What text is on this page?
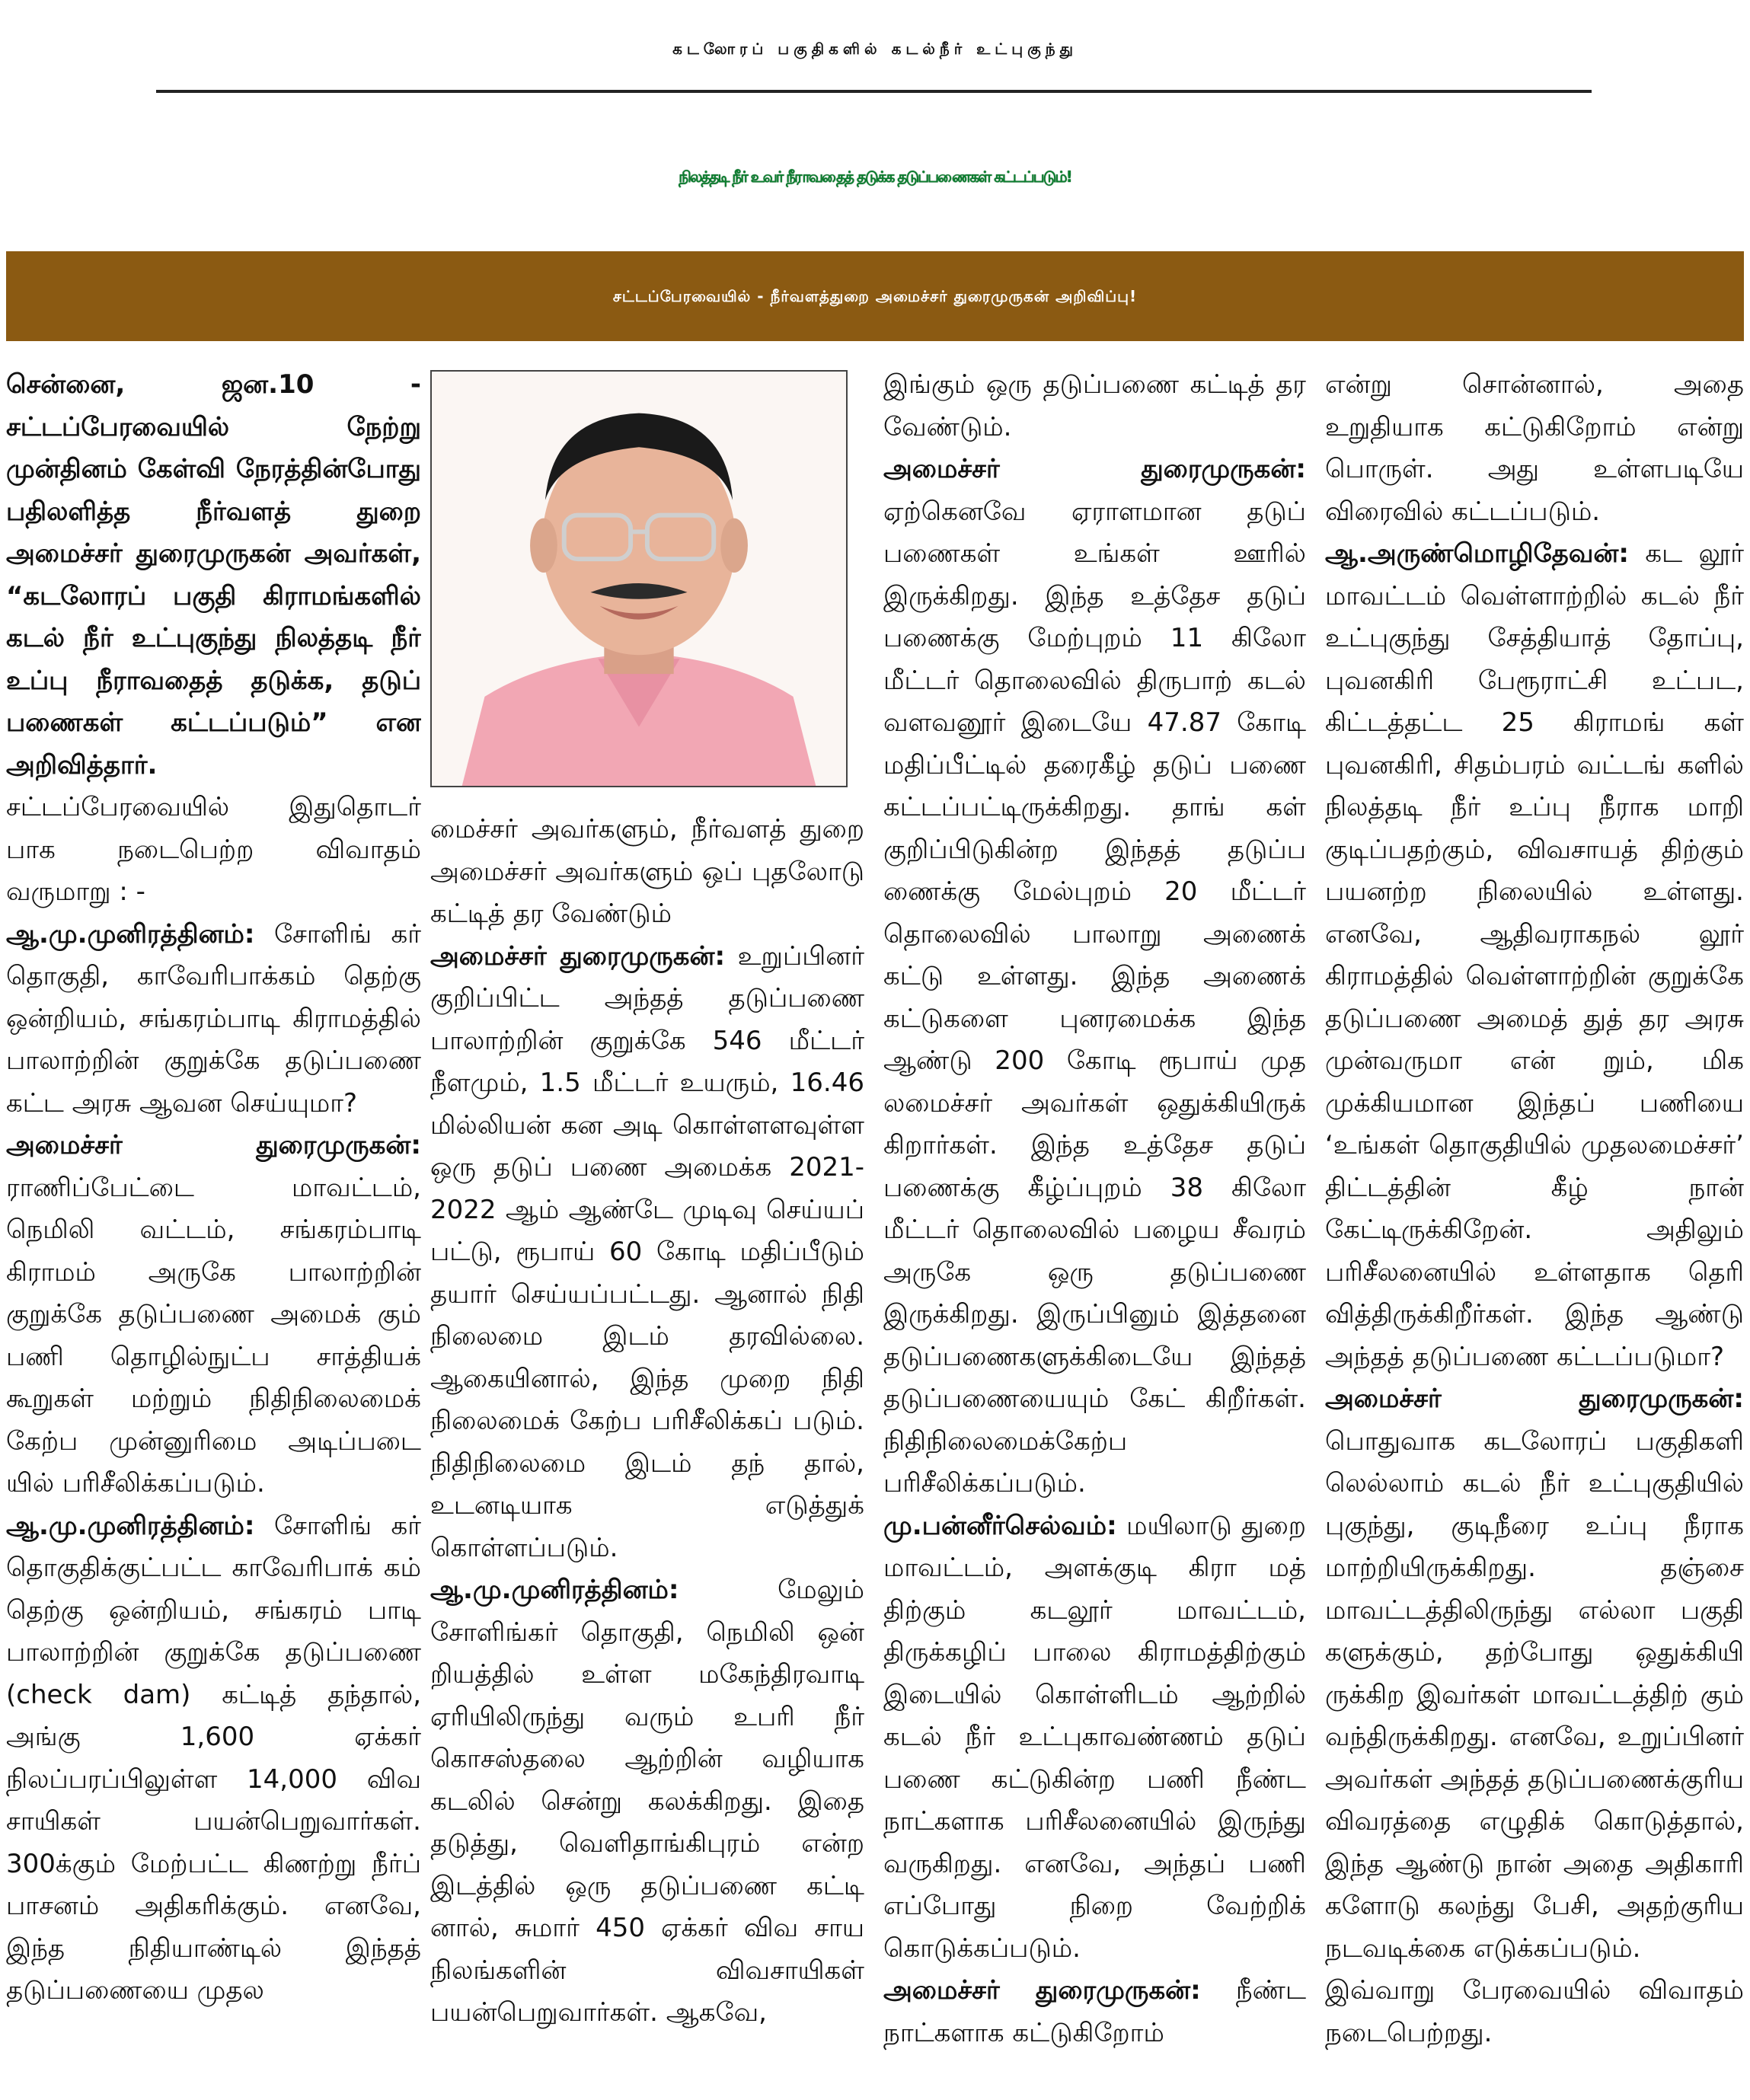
கடலோரப் பகுதிகளில் கடல்நீர் உட்புகுந்து
நிலத்தடி நீர் உவர் நீராவதைத் தடுக்க தடுப்பணைகள் கட்டப்படும்!
சட்டப்பேரவையில் - நீர்வளத்துறை அமைச்சர் துரைமுருகன் அறிவிப்பு!

சென்னை, ஜன.10 - சட்டப்பேரவையில் நேற்று முன்தினம் கேள்வி நேரத்தின்போது பதிலளித்த நீர்வளத் துறை அமைச்சர் துரைமுருகன் அவர்கள், “கடலோரப் பகுதி கிராமங்களில் கடல் நீர் உட்புகுந்து நிலத்தடி நீர் உப்பு நீராவதைத் தடுக்க, தடுப் பணைகள் கட்டப்படும்” என அறிவித்தார்.

சட்டப்பேரவையில் இதுதொடர் பாக நடைபெற்ற விவாதம் வருமாறு : -

ஆ.மு.முனிரத்தினம்: சோளிங் கர் தொகுதி, காவேரிபாக்கம் தெற்கு ஒன்றியம், சங்கரம்பாடி கிராமத்தில் பாலாற்றின் குறுக்கே தடுப்பணை கட்ட அரசு ஆவன செய்யுமா?

அமைச்சர் துரைமுருகன்: ராணிப்பேட்டை மாவட்டம், நெமிலி வட்டம், சங்கரம்பாடி கிராமம் அருகே பாலாற்றின் குறுக்கே தடுப்பணை அமைக் கும் பணி தொழில்நுட்ப சாத்தியக் கூறுகள் மற்றும் நிதிநிலைமைக் கேற்ப முன்னுரிமை அடிப்படை யில் பரிசீலிக்கப்படும்.

ஆ.மு.முனிரத்தினம்: சோளிங் கர் தொகுதிக்குட்பட்ட காவேரிபாக் கம் தெற்கு ஒன்றியம், சங்கரம் பாடி பாலாற்றின் குறுக்கே தடுப்பணை (check dam) கட்டித் தந்தால், அங்கு 1,600 ஏக்கர் நிலப்பரப்பிலுள்ள 14,000 விவ சாயிகள் பயன்பெறுவார்கள். 300க்கும் மேற்பட்ட கிணற்று நீர்ப் பாசனம் அதிகரிக்கும். எனவே, இந்த நிதியாண்டில் இந்தத் தடுப்பணையை முதல

மைச்சர் அவர்களும், நீர்வளத் துறை அமைச்சர் அவர்களும் ஒப் புதலோடு கட்டித் தர வேண்டும்

அமைச்சர் துரைமுருகன்: உறுப்பினர் குறிப்பிட்ட அந்தத் தடுப்பணை பாலாற்றின் குறுக்கே 546 மீட்டர் நீளமும், 1.5 மீட்டர் உயரும், 16.46 மில்லியன் கன அடி கொள்ளளவுள்ள ஒரு தடுப் பணை அமைக்க 2021-2022 ஆம் ஆண்டே முடிவு செய்யப் பட்டு, ரூபாய் 60 கோடி மதிப்பீடும் தயார் செய்யப்பட்டது. ஆனால் நிதி நிலைமை இடம் தரவில்லை. ஆகையினால், இந்த முறை நிதி நிலைமைக் கேற்ப பரிசீலிக்கப் படும். நிதிநிலைமை இடம் தந் தால், உடனடியாக எடுத்துக் கொள்ளப்படும்.

ஆ.மு.முனிரத்தினம்: மேலும் சோளிங்கர் தொகுதி, நெமிலி ஒன் றியத்தில் உள்ள மகேந்திரவாடி ஏரியிலிருந்து வரும் உபரி நீர் கொசஸ்தலை ஆற்றின் வழியாக கடலில் சென்று கலக்கிறது. இதை தடுத்து, வெளிதாங்கிபுரம் என்ற இடத்தில் ஒரு தடுப்பணை கட்டி னால், சுமார் 450 ஏக்கர் விவ சாய நிலங்களின் விவசாயிகள் பயன்பெறுவார்கள். ஆகவே,

இங்கும் ஒரு தடுப்பணை கட்டித் தர வேண்டும்.

அமைச்சர் துரைமுருகன்: ஏற்கெனவே ஏராளமான தடுப் பணைகள் உங்கள் ஊரில் இருக்கிறது. இந்த உத்தேச தடுப் பணைக்கு மேற்புறம் 11 கிலோ மீட்டர் தொலைவில் திருபாற் கடல் வளவனூர் இடையே 47.87 கோடி மதிப்பீட்டில் தரைகீழ் தடுப் பணை கட்டப்பட்டிருக்கிறது. தாங் கள் குறிப்பிடுகின்ற இந்தத் தடுப்ப ணைக்கு மேல்புறம் 20 மீட்டர் தொலைவில் பாலாறு அணைக் கட்டு உள்ளது. இந்த அணைக் கட்டுகளை புனரமைக்க இந்த ஆண்டு 200 கோடி ரூபாய் முத லமைச்சர் அவர்கள் ஒதுக்கியிருக் கிறார்கள். இந்த உத்தேச தடுப் பணைக்கு கீழ்ப்புறம் 38 கிலோ மீட்டர் தொலைவில் பழைய சீவரம் அருகே ஒரு தடுப்பணை இருக்கிறது. இருப்பினும் இத்தனை தடுப்பணைகளுக்கிடையே இந்தத் தடுப்பணையையும் கேட் கிறீர்கள். நிதிநிலைமைக்கேற்ப பரிசீலிக்கப்படும்.

மு.பன்னீர்செல்வம்: மயிலாடு துறை மாவட்டம், அளக்குடி கிரா மத் திற்கும் கடலூர் மாவட்டம், திருக்கழிப் பாலை கிராமத்திற்கும் இடையில் கொள்ளிடம் ஆற்றில் கடல் நீர் உட்புகாவண்ணம் தடுப் பணை கட்டுகின்ற பணி நீண்ட நாட்களாக பரிசீலனையில் இருந்து வருகிறது. எனவே, அந்தப் பணி எப்போது நிறை வேற்றிக் கொடுக்கப்படும்.

அமைச்சர் துரைமுருகன்: நீண்ட நாட்களாக கட்டுகிறோம்

என்று சொன்னால், அதை உறுதியாக கட்டுகிறோம் என்று பொருள். அது உள்ளபடியே விரைவில் கட்டப்படும்.

ஆ.அருண்மொழிதேவன்: கட லூர் மாவட்டம் வெள்ளாற்றில் கடல் நீர் உட்புகுந்து சேத்தியாத் தோப்பு, புவனகிரி பேரூராட்சி உட்பட, கிட்டத்தட்ட 25 கிராமங் கள் புவனகிரி, சிதம்பரம் வட்டங் களில் நிலத்தடி நீர் உப்பு நீராக மாறி குடிப்பதற்கும், விவசாயத் திற்கும் பயனற்ற நிலையில் உள்ளது. எனவே, ஆதிவராகநல் லூர் கிராமத்தில் வெள்ளாற்றின் குறுக்கே தடுப்பணை அமைத் துத் தர அரசு முன்வருமா என் றும், மிக முக்கியமான இந்தப் பணியை ‘உங்கள் தொகுதியில் முதலமைச்சர்’ திட்டத்தின் கீழ் நான் கேட்டிருக்கிறேன். அதிலும் பரிசீலனையில் உள்ளதாக தெரி வித்திருக்கிறீர்கள். இந்த ஆண்டு அந்தத் தடுப்பணை கட்டப்படுமா?

அமைச்சர் துரைமுருகன்: பொதுவாக கடலோரப் பகுதிகளி லெல்லாம் கடல் நீர் உட்புகுதியில் புகுந்து, குடிநீரை உப்பு நீராக மாற்றியிருக்கிறது. தஞ்சை மாவட்டத்திலிருந்து எல்லா பகுதி களுக்கும், தற்போது ஒதுக்கியி ருக்கிற இவர்கள் மாவட்டத்திற் கும் வந்திருக்கிறது. எனவே, உறுப்பினர் அவர்கள் அந்தத் தடுப்பணைக்குரிய விவரத்தை எழுதிக் கொடுத்தால், இந்த ஆண்டு நான் அதை அதிகாரி களோடு கலந்து பேசி, அதற்குரிய நடவடிக்கை எடுக்கப்படும்.

இவ்வாறு பேரவையில் விவாதம் நடைபெற்றது.
